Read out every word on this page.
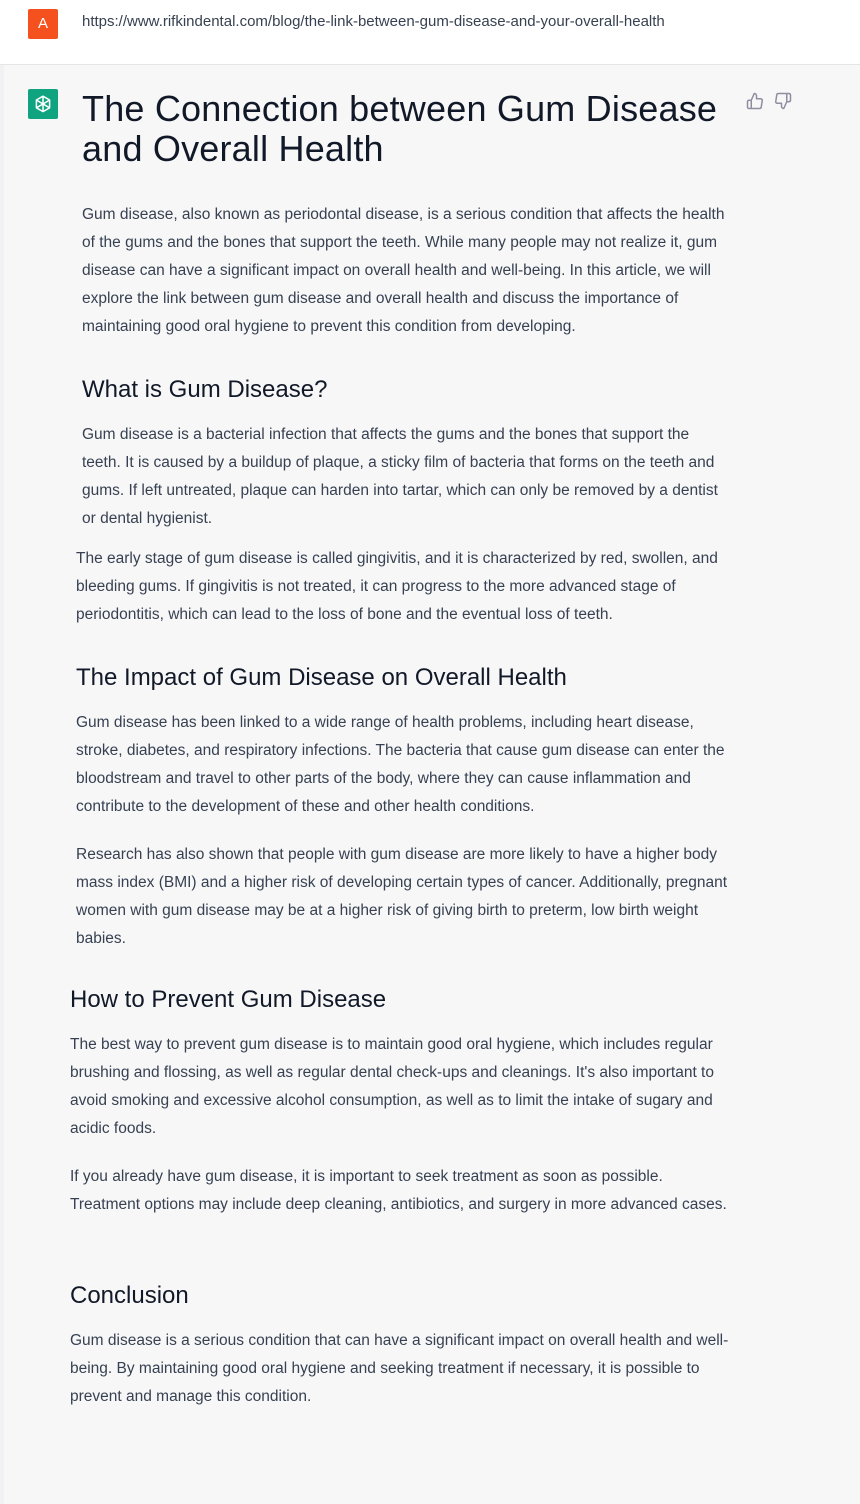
A	https://www.rifkindental.com/blog/the-link-between-gum-disease-and-your-overall-health
The Connection between Gum Disease and Overall Health

Gum disease, also known as periodontal disease, is a serious condition that affects the health of the gums and the bones that support the teeth. While many people may not realize it, gum disease can have a significant impact on overall health and well-being. In this article, we will explore the link between gum disease and overall health and discuss the importance of maintaining good oral hygiene to prevent this condition from developing.

What is Gum Disease?

Gum disease is a bacterial infection that affects the gums and the bones that support the teeth. It is caused by a buildup of plaque, a sticky film of bacteria that forms on the teeth and gums. If left untreated, plaque can harden into tartar, which can only be removed by a dentist or dental hygienist.

The early stage of gum disease is called gingivitis, and it is characterized by red, swollen, and bleeding gums. If gingivitis is not treated, it can progress to the more advanced stage of periodontitis, which can lead to the loss of bone and the eventual loss of teeth.

The Impact of Gum Disease on Overall Health

Gum disease has been linked to a wide range of health problems, including heart disease, stroke, diabetes, and respiratory infections. The bacteria that cause gum disease can enter the bloodstream and travel to other parts of the body, where they can cause inflammation and contribute to the development of these and other health conditions.

Research has also shown that people with gum disease are more likely to have a higher body mass index (BMI) and a higher risk of developing certain types of cancer. Additionally, pregnant women with gum disease may be at a higher risk of giving birth to preterm, low birth weight babies.

How to Prevent Gum Disease

The best way to prevent gum disease is to maintain good oral hygiene, which includes regular brushing and flossing, as well as regular dental check-ups and cleanings. It's also important to avoid smoking and excessive alcohol consumption, as well as to limit the intake of sugary and acidic foods.

If you already have gum disease, it is important to seek treatment as soon as possible. Treatment options may include deep cleaning, antibiotics, and surgery in more advanced cases.

Conclusion

Gum disease is a serious condition that can have a significant impact on overall health and well-being. By maintaining good oral hygiene and seeking treatment if necessary, it is possible to prevent and manage this condition.
